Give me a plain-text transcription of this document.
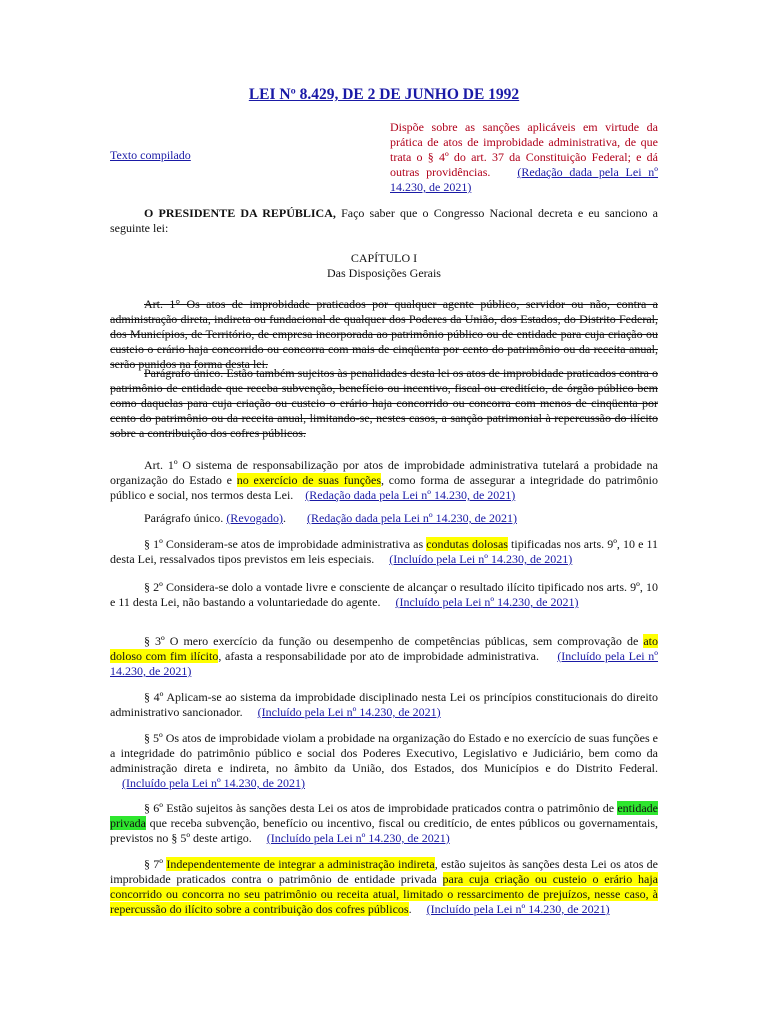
LEI Nº 8.429, DE 2 DE JUNHO DE 1992
Texto compilado
Dispõe sobre as sanções aplicáveis em virtude da prática de atos de improbidade administrativa, de que trata o § 4º do art. 37 da Constituição Federal; e dá outras providências. (Redação dada pela Lei nº 14.230, de 2021)
O PRESIDENTE DA REPÚBLICA, Faço saber que o Congresso Nacional decreta e eu sanciono a seguinte lei:

CAPÍTULO I

Das Disposições Gerais

Art. 1° Os atos de improbidade praticados por qualquer agente público, servidor ou não, contra a administração direta, indireta ou fundacional de qualquer dos Poderes da União, dos Estados, do Distrito Federal, dos Municípios, de Território, de empresa incorporada ao patrimônio público ou de entidade para cuja criação ou custeio o erário haja concorrido ou concorra com mais de cinqüenta por cento do patrimônio ou da receita anual, serão punidos na forma desta lei.
Parágrafo único. Estão também sujeitos às penalidades desta lei os atos de improbidade praticados contra o patrimônio de entidade que receba subvenção, benefício ou incentivo, fiscal ou creditício, de órgão público bem como daquelas para cuja criação ou custeio o erário haja concorrido ou concorra com menos de cinqüenta por cento do patrimônio ou da receita anual, limitando-se, nestes casos, a sanção patrimonial à repercussão do ilícito sobre a contribuição dos cofres públicos.
Art. 1º O sistema de responsabilização por atos de improbidade administrativa tutelará a probidade na organização do Estado e no exercício de suas funções, como forma de assegurar a integridade do patrimônio público e social, nos termos desta Lei. (Redação dada pela Lei nº 14.230, de 2021)
Parágrafo único. (Revogado). (Redação dada pela Lei nº 14.230, de 2021)
§ 1º Consideram-se atos de improbidade administrativa as condutas dolosas tipificadas nos arts. 9º, 10 e 11 desta Lei, ressalvados tipos previstos em leis especiais. (Incluído pela Lei nº 14.230, de 2021)
§ 2º Considera-se dolo a vontade livre e consciente de alcançar o resultado ilícito tipificado nos arts. 9º, 10 e 11 desta Lei, não bastando a voluntariedade do agente. (Incluído pela Lei nº 14.230, de 2021)
§ 3º O mero exercício da função ou desempenho de competências públicas, sem comprovação de ato doloso com fim ilícito, afasta a responsabilidade por ato de improbidade administrativa. (Incluído pela Lei nº 14.230, de 2021)
§ 4º Aplicam-se ao sistema da improbidade disciplinado nesta Lei os princípios constitucionais do direito administrativo sancionador. (Incluído pela Lei nº 14.230, de 2021)
§ 5º Os atos de improbidade violam a probidade na organização do Estado e no exercício de suas funções e a integridade do patrimônio público e social dos Poderes Executivo, Legislativo e Judiciário, bem como da administração direta e indireta, no âmbito da União, dos Estados, dos Municípios e do Distrito Federal.     (Incluído pela Lei nº 14.230, de 2021)
§ 6º Estão sujeitos às sanções desta Lei os atos de improbidade praticados contra o patrimônio de entidade privada que receba subvenção, benefício ou incentivo, fiscal ou creditício, de entes públicos ou governamentais, previstos no § 5º deste artigo. (Incluído pela Lei nº 14.230, de 2021)
§ 7º Independentemente de integrar a administração indireta, estão sujeitos às sanções desta Lei os atos de improbidade praticados contra o patrimônio de entidade privada para cuja criação ou custeio o erário haja concorrido ou concorra no seu patrimônio ou receita atual, limitado o ressarcimento de prejuízos, nesse caso, à repercussão do ilícito sobre a contribuição dos cofres públicos. (Incluído pela Lei nº 14.230, de 2021)
